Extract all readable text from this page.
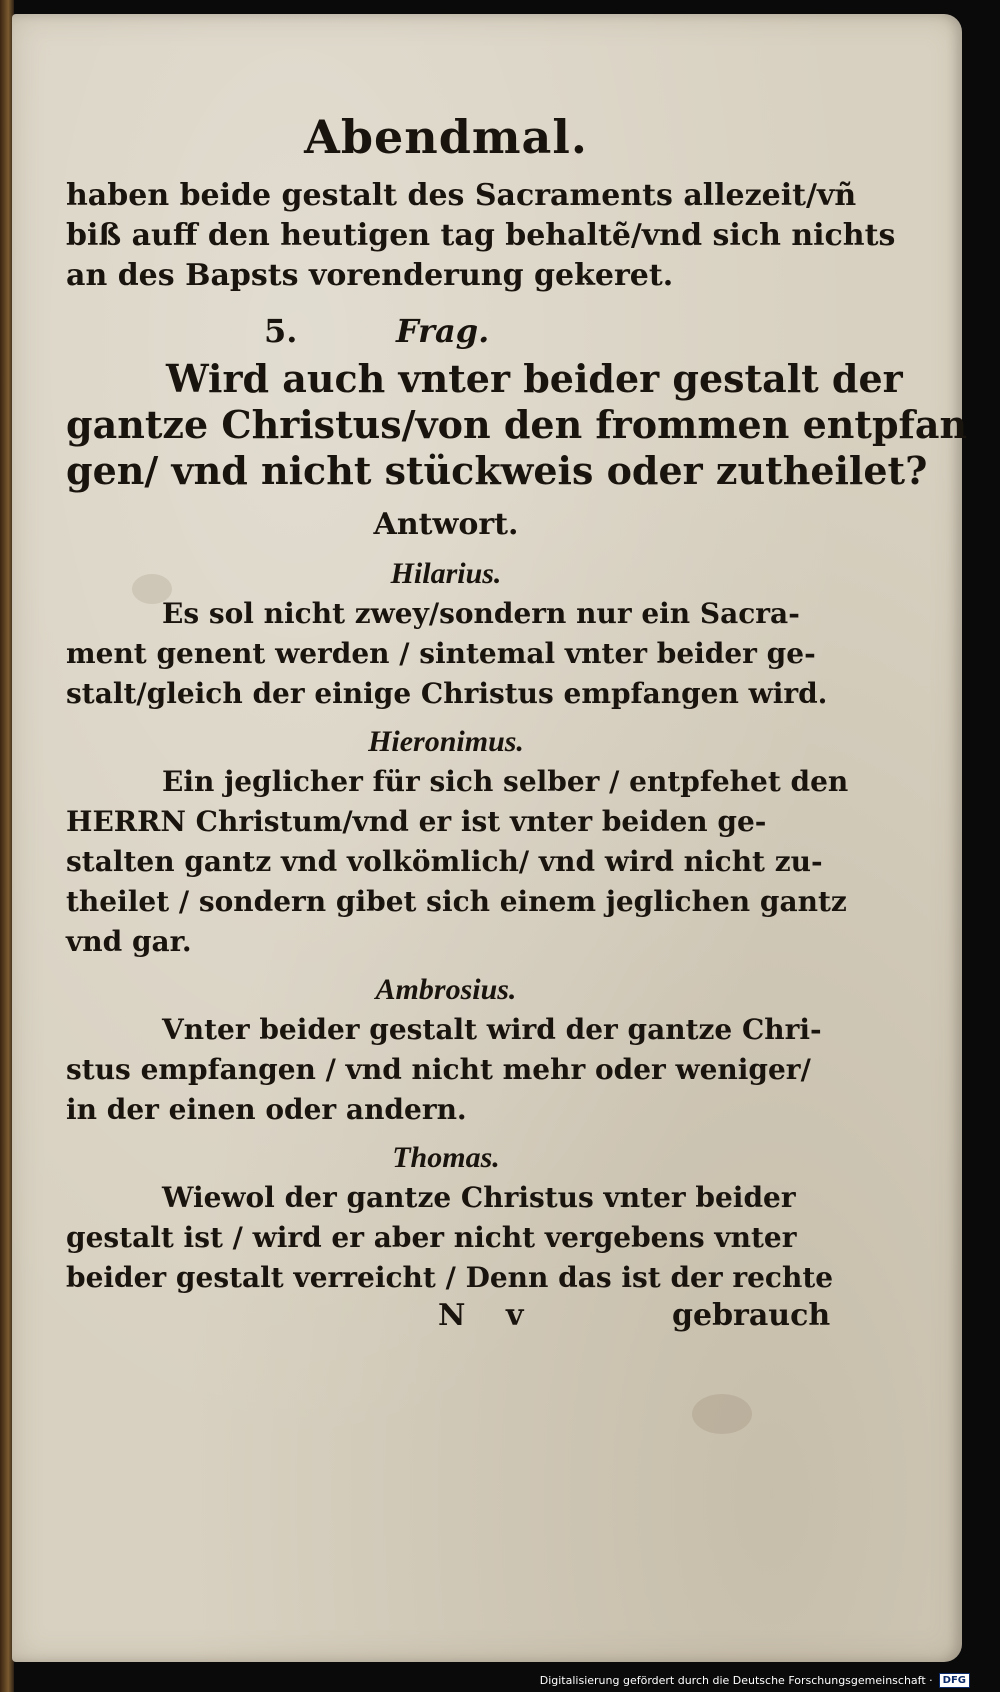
Abendmal.
haben beide gestalt des Sacraments allezeit/vñ
biß auff den heutigen tag behaltẽ/vnd sich nichts
an des Bapsts vorenderung gekeret.
5.	Frag.
Wird auch vnter beider gestalt der
gantze Christus/von den frommen entpfan
gen/ vnd nicht stückweis oder zutheilet?
Antwort.
Hilarius.
Es sol nicht zwey/sondern nur ein Sacra-
ment genent werden / sintemal vnter beider ge-
stalt/gleich der einige Christus empfangen wird.
Hieronimus.
Ein jeglicher für sich selber / entpfehet den
HERRN Christum/vnd er ist vnter beiden ge-
stalten gantz vnd volkömlich/ vnd wird nicht zu-
theilet / sondern gibet sich einem jeglichen gantz
vnd gar.
Ambrosius.
Vnter beider gestalt wird der gantze Chri-
stus empfangen / vnd nicht mehr oder weniger/
in der einen oder andern.
Thomas.
Wiewol der gantze Christus vnter beider
gestalt ist / wird er aber nicht vergebens vnter
beider gestalt verreicht / Denn das ist der rechte
N v	gebrauch
Digitalisierung gefördert durch die Deutsche Forschungsgemeinschaft ·	DFG
